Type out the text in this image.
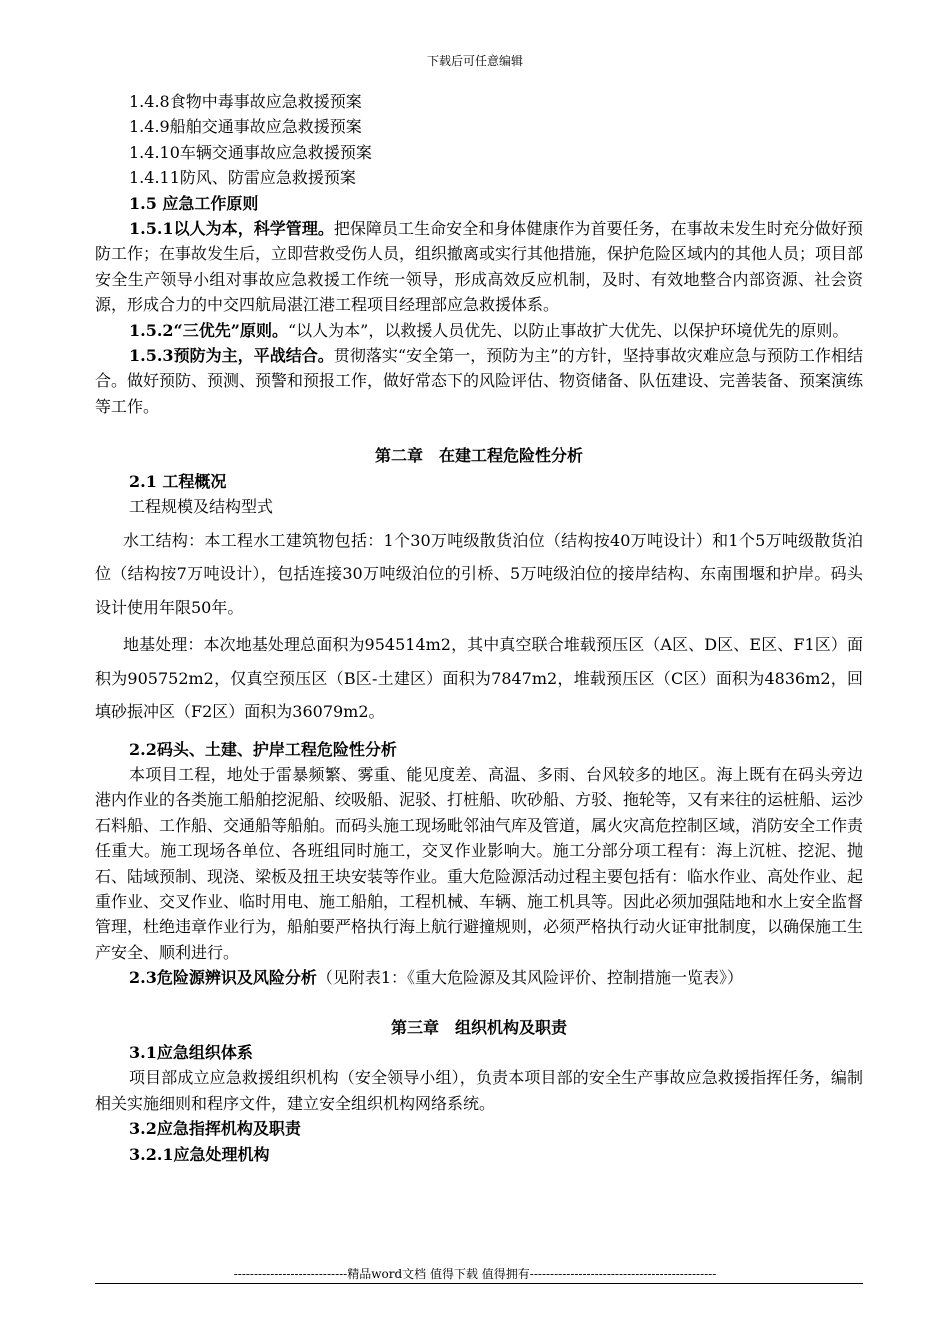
下载后可任意编辑

1.4.8食物中毒事故应急救援预案

1.4.9船舶交通事故应急救援预案

1.4.10车辆交通事故应急救援预案

1.4.11防风、防雷应急救援预案

1.5 应急工作原则

1.5.1以人为本，科学管理。把保障员工生命安全和身体健康作为首要任务，在事故未发生时充分做好预防工作；在事故发生后，立即营救受伤人员，组织撤离或实行其他措施，保护危险区域内的其他人员；项目部安全生产领导小组对事故应急救援工作统一领导，形成高效反应机制，及时、有效地整合内部资源、社会资源，形成合力的中交四航局湛江港工程项目经理部应急救援体系。

1.5.2“三优先”原则。“以人为本”，以救援人员优先、以防止事故扩大优先、以保护环境优先的原则。

1.5.3预防为主，平战结合。贯彻落实“安全第一，预防为主”的方针，坚持事故灾难应急与预防工作相结合。做好预防、预测、预警和预报工作，做好常态下的风险评估、物资储备、队伍建设、完善装备、预案演练等工作。

第二章　在建工程危险性分析

2.1 工程概况

工程规模及结构型式

水工结构：本工程水工建筑物包括：1个30万吨级散货泊位（结构按40万吨设计）和1个5万吨级散货泊位（结构按7万吨设计），包括连接30万吨级泊位的引桥、5万吨级泊位的接岸结构、东南围堰和护岸。码头设计使用年限50年。

地基处理：本次地基处理总面积为954514m2，其中真空联合堆载预压区（A区、D区、E区、F1区）面积为905752m2，仅真空预压区（B区-土建区）面积为7847m2，堆载预压区（C区）面积为4836m2，回填砂振冲区（F2区）面积为36079m2。

2.2码头、土建、护岸工程危险性分析

本项目工程，地处于雷暴频繁、雾重、能见度差、高温、多雨、台风较多的地区。海上既有在码头旁边港内作业的各类施工船舶挖泥船、绞吸船、泥驳、打桩船、吹砂船、方驳、拖轮等，又有来往的运桩船、运沙石料船、工作船、交通船等船舶。而码头施工现场毗邻油气库及管道，属火灾高危控制区域，消防安全工作责任重大。施工现场各单位、各班组同时施工，交叉作业影响大。施工分部分项工程有：海上沉桩、挖泥、抛石、陆域预制、现浇、梁板及扭王块安装等作业。重大危险源活动过程主要包括有：临水作业、高处作业、起重作业、交叉作业、临时用电、施工船舶，工程机械、车辆、施工机具等。因此必须加强陆地和水上安全监督管理，杜绝违章作业行为，船舶要严格执行海上航行避撞规则，必须严格执行动火证审批制度，以确保施工生产安全、顺利进行。

2.3危险源辨识及风险分析（见附表1：《重大危险源及其风险评价、控制措施一览表》）

第三章　组织机构及职责

3.1应急组织体系

项目部成立应急救援组织机构（安全领导小组），负责本项目部的安全生产事故应急救援指挥任务，编制相关实施细则和程序文件，建立安全组织机构网络系统。

3.2应急指挥机构及职责

3.2.1应急处理机构

----------------------------精品word文档 值得下载 值得拥有----------------------------------------------
